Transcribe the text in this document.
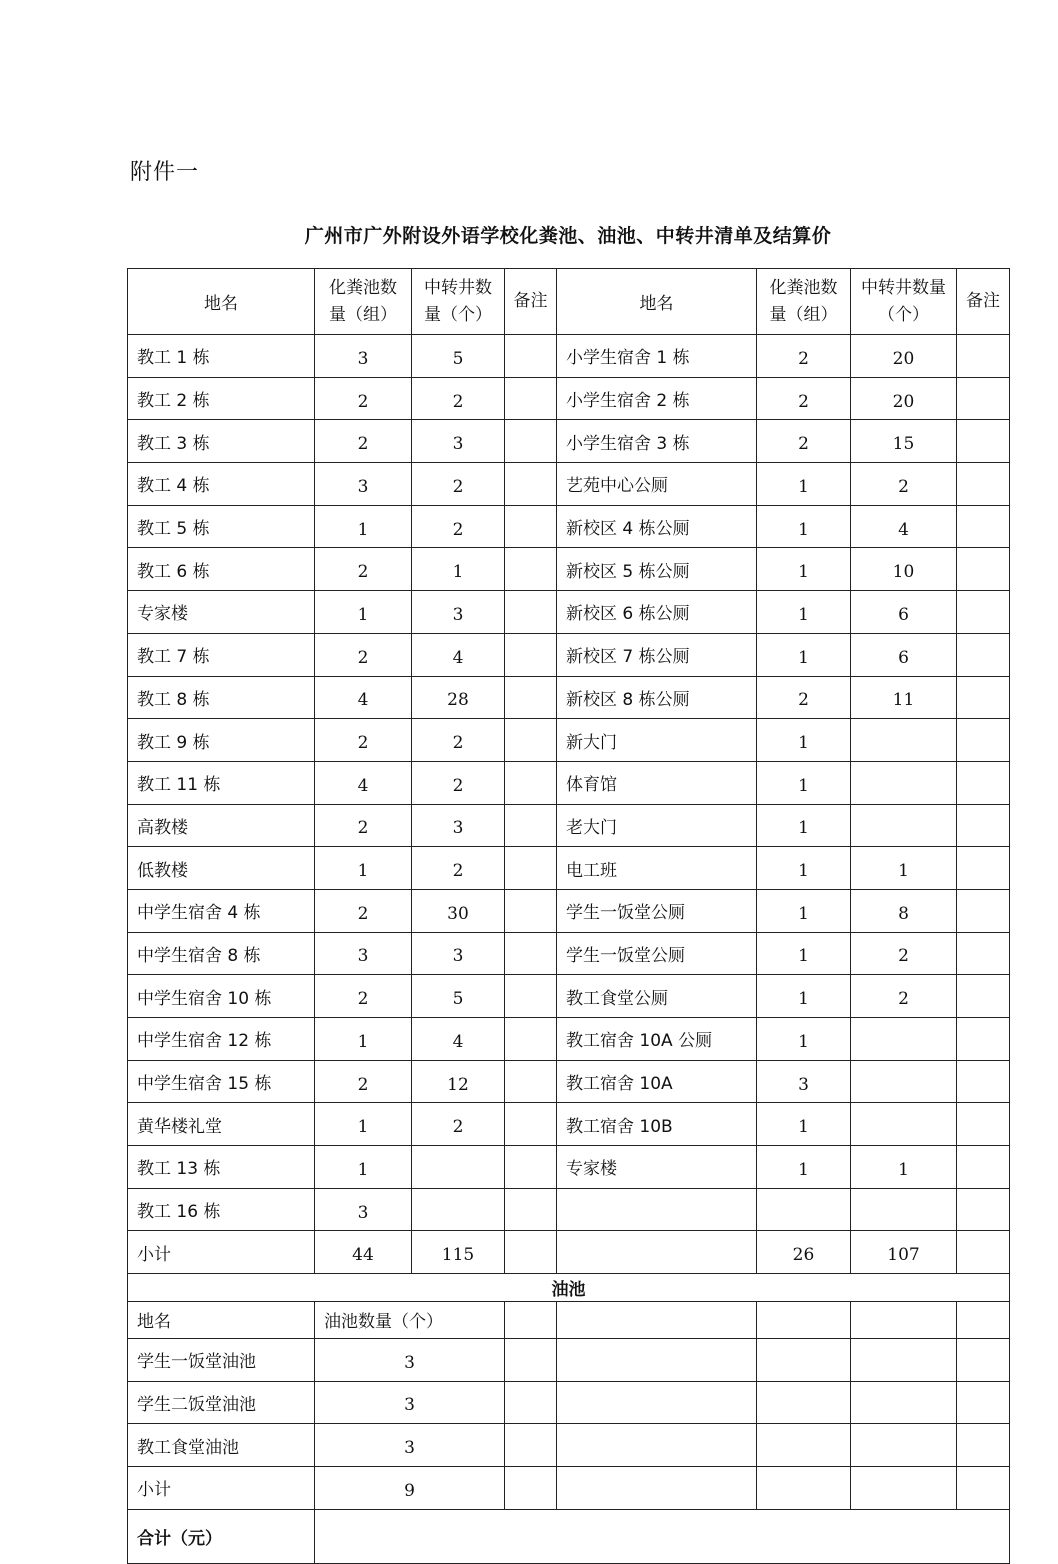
附件一
广州市广外附设外语学校化粪池、油池、中转井清单及结算价
地名	化粪池数量（组）	中转井数量（个）	备注	地名	化粪池数量（组）	中转井数量（个）	备注
教工 1 栋	3	5		小学生宿舍 1 栋	2	20	
教工 2 栋	2	2		小学生宿舍 2 栋	2	20	
教工 3 栋	2	3		小学生宿舍 3 栋	2	15	
教工 4 栋	3	2		艺苑中心公厕	1	2	
教工 5 栋	1	2		新校区 4 栋公厕	1	4	
教工 6 栋	2	1		新校区 5 栋公厕	1	10	
专家楼	1	3		新校区 6 栋公厕	1	6	
教工 7 栋	2	4		新校区 7 栋公厕	1	6	
教工 8 栋	4	28		新校区 8 栋公厕	2	11	
教工 9 栋	2	2		新大门	1		
教工 11 栋	4	2		体育馆	1		
高教楼	2	3		老大门	1		
低教楼	1	2		电工班	1	1	
中学生宿舍 4 栋	2	30		学生一饭堂公厕	1	8	
中学生宿舍 8 栋	3	3		学生一饭堂公厕	1	2	
中学生宿舍 10 栋	2	5		教工食堂公厕	1	2	
中学生宿舍 12 栋	1	4		教工宿舍 10A 公厕	1		
中学生宿舍 15 栋	2	12		教工宿舍 10A	3		
黄华楼礼堂	1	2		教工宿舍 10B	1		
教工 13 栋	1			专家楼	1	1	
教工 16 栋	3						
小计	44	115			26	107	
油池							
地名	油池数量（个）						
学生一饭堂油池	3						
学生二饭堂油池	3						
教工食堂油池	3						
小计	9						
合计（元）							
